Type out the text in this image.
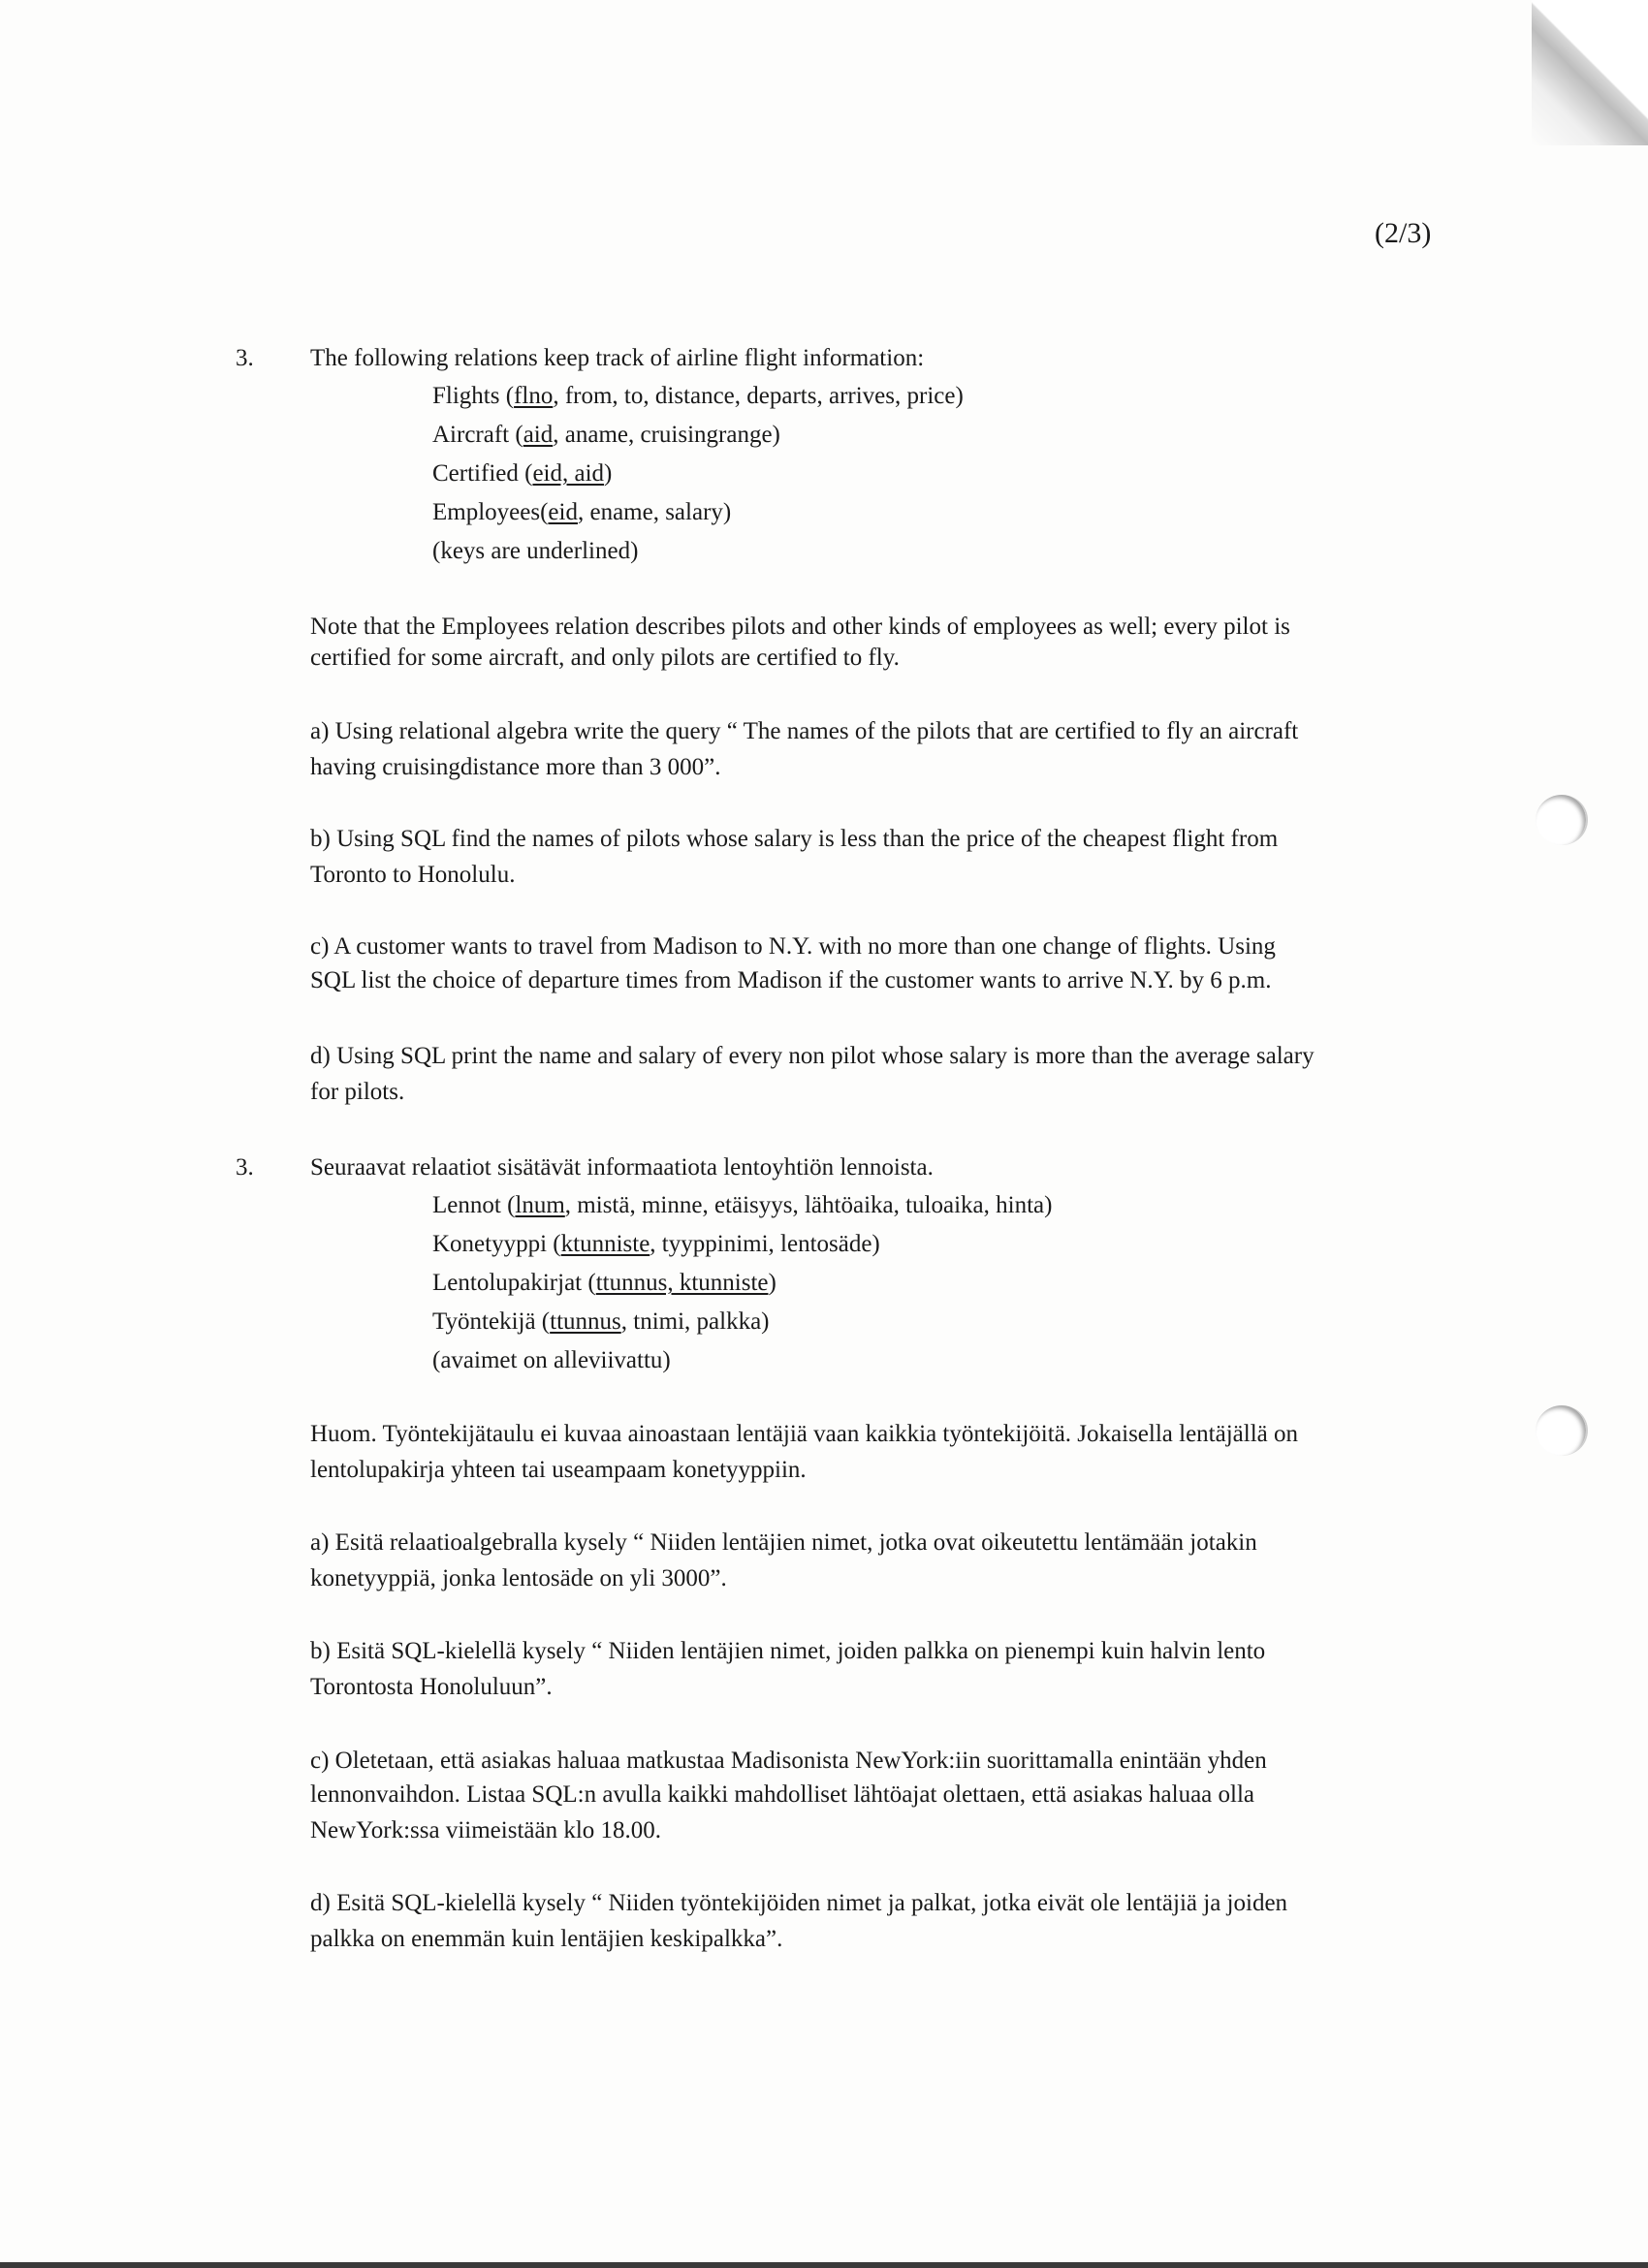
(2/3)
3. The following relations keep track of airline flight information:
Flights (flno, from, to, distance, departs, arrives, price)
Aircraft (aid, aname, cruisingrange)
Certified (eid, aid)
Employees(eid, ename, salary)
(keys are underlined)
Note that the Employees relation describes pilots and other kinds of employees as well; every pilot is
certified for some aircraft, and only pilots are certified to fly.
a) Using relational algebra write the query “ The names of the pilots that are certified to fly an aircraft
having cruisingdistance more than 3 000”.
b) Using SQL find the names of pilots whose salary is less than the price of the cheapest flight from
Toronto to Honolulu.
c) A customer wants to travel from Madison to N.Y. with no more than one change of flights. Using
SQL list the choice of departure times from Madison if the customer wants to arrive N.Y. by 6 p.m.
d) Using SQL print the name and salary of every non pilot whose salary is more than the average salary
for pilots.
3. Seuraavat relaatiot sisätävät informaatiota lentoyhtiön lennoista.
Lennot (lnum, mistä, minne, etäisyys, lähtöaika, tuloaika, hinta)
Konetyyppi (ktunniste, tyyppinimi, lentosäde)
Lentolupakirjat (ttunnus, ktunniste)
Työntekijä (ttunnus, tnimi, palkka)
(avaimet on alleviivattu)
Huom. Työntekijätaulu ei kuvaa ainoastaan lentäjiä vaan kaikkia työntekijöitä. Jokaisella lentäjällä on
lentolupakirja yhteen tai useampaam konetyyppiin.
a) Esitä relaatioalgebralla kysely “ Niiden lentäjien nimet, jotka ovat oikeutettu lentämään jotakin
konetyyppiä, jonka lentosäde on yli 3000”.
b) Esitä SQL-kielellä kysely “ Niiden lentäjien nimet, joiden palkka on pienempi kuin halvin lento
Torontosta Honoluluun”.
c) Oletetaan, että asiakas haluaa matkustaa Madisonista NewYork:iin suorittamalla enintään yhden
lennonvaihdon. Listaa SQL:n avulla kaikki mahdolliset lähtöajat olettaen, että asiakas haluaa olla
NewYork:ssa viimeistään klo 18.00.
d) Esitä SQL-kielellä kysely “ Niiden työntekijöiden nimet ja palkat, jotka eivät ole lentäjiä ja joiden
palkka on enemmän kuin lentäjien keskipalkka”.
